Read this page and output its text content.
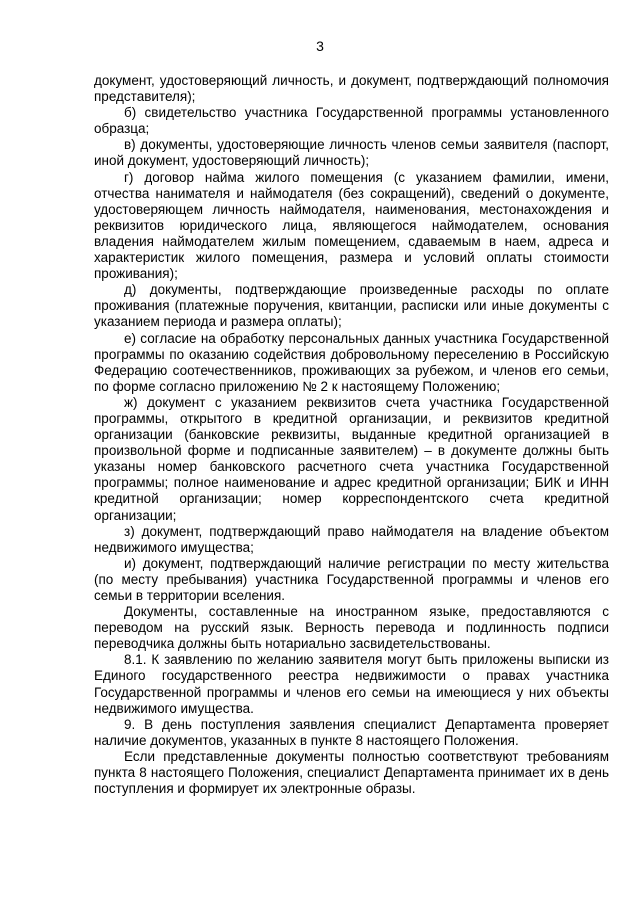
3

документ, удостоверяющий личность, и документ, подтверждающий полномочия представителя);

б) свидетельство участника Государственной программы установленного образца;

в) документы, удостоверяющие личность членов семьи заявителя (паспорт, иной документ, удостоверяющий личность);

г) договор найма жилого помещения (с указанием фамилии, имени, отчества нанимателя и наймодателя (без сокращений), сведений о документе, удостоверяющем личность наймодателя, наименования, местонахождения и реквизитов юридического лица, являющегося наймодателем, основания владения наймодателем жилым помещением, сдаваемым в наем, адреса и характеристик жилого помещения, размера и условий оплаты стоимости проживания);

д) документы, подтверждающие произведенные расходы по оплате проживания (платежные поручения, квитанции, расписки или иные документы с указанием периода и размера оплаты);

е) согласие на обработку персональных данных участника Государственной программы по оказанию содействия добровольному переселению в Российскую Федерацию соотечественников, проживающих за рубежом, и членов его семьи, по форме согласно приложению № 2 к настоящему Положению;

ж) документ с указанием реквизитов счета участника Государственной программы, открытого в кредитной организации, и реквизитов кредитной организации (банковские реквизиты, выданные кредитной организацией в произвольной форме и подписанные заявителем) – в документе должны быть указаны номер банковского расчетного счета участника Государственной программы; полное наименование и адрес кредитной организации; БИК и ИНН кредитной организации; номер корреспондентского счета кредитной организации;

з) документ, подтверждающий право наймодателя на владение объектом недвижимого имущества;

и) документ, подтверждающий наличие регистрации по месту жительства (по месту пребывания) участника Государственной программы и членов его семьи в территории вселения.

Документы, составленные на иностранном языке, предоставляются с переводом на русский язык. Верность перевода и подлинность подписи переводчика должны быть нотариально засвидетельствованы.

8.1. К заявлению по желанию заявителя могут быть приложены выписки из Единого государственного реестра недвижимости о правах участника Государственной программы и членов его семьи на имеющиеся у них объекты недвижимого имущества.

9. В день поступления заявления специалист Департамента проверяет наличие документов, указанных в пункте 8 настоящего Положения.

Если представленные документы полностью соответствуют требованиям пункта 8 настоящего Положения, специалист Департамента принимает их в день поступления и формирует их электронные образы.
